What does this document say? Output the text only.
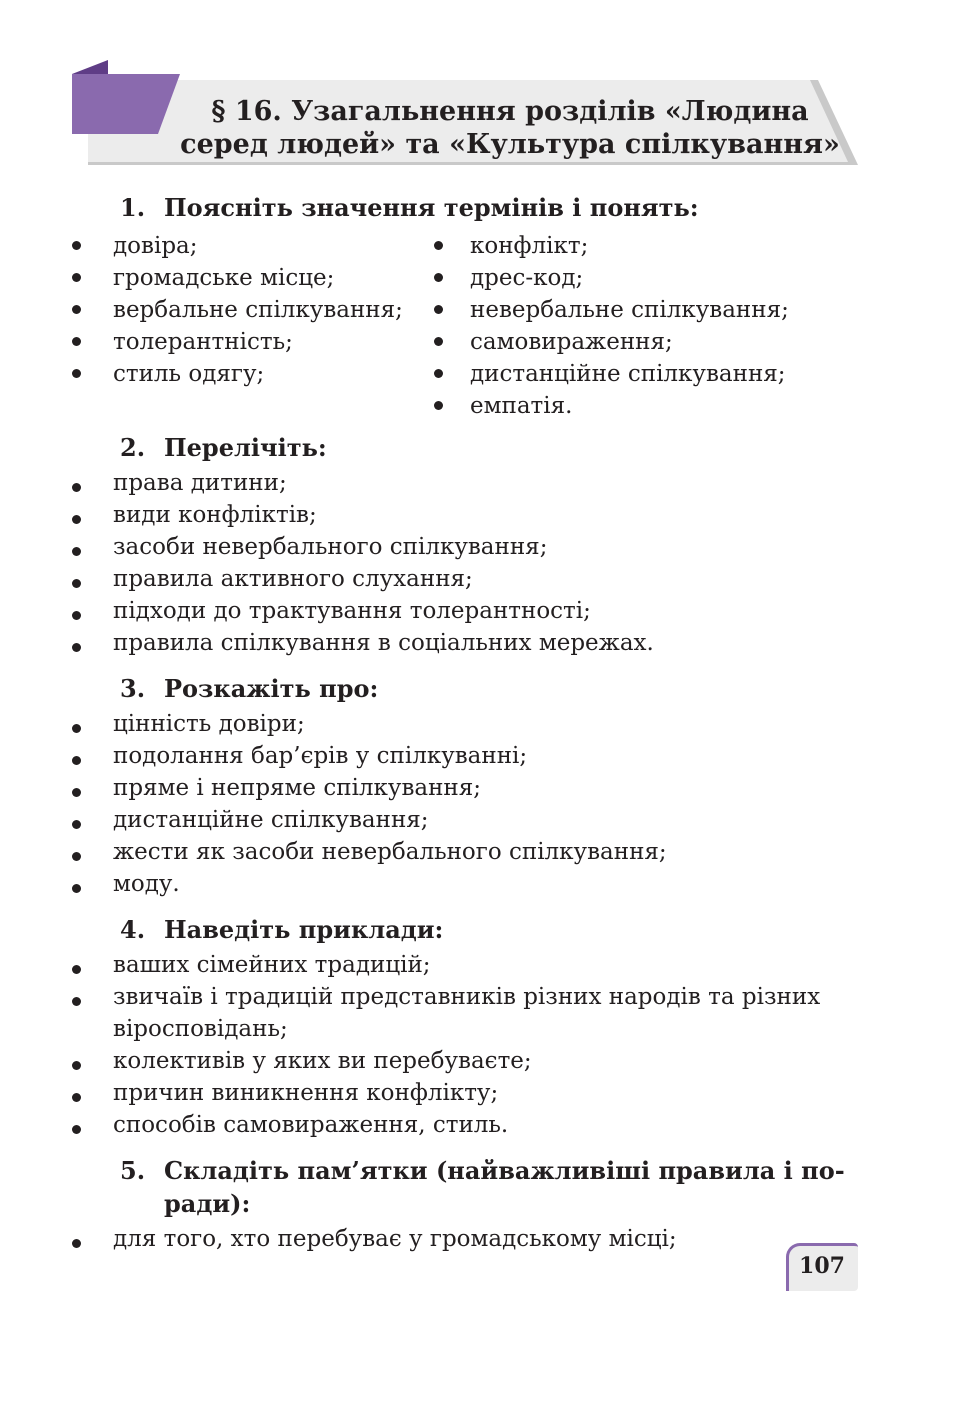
§ 16. Узагальнення розділів «Людина
серед людей» та «Культура спілкування»
1. Поясніть значення термінів і понять:
довіра;
громадське місце;
вербальне спілкування;
толерантність;
стиль одягу;
конфлікт;
дрес-код;
невербальне спілкування;
самовираження;
дистанційне спілкування;
емпатія.
2. Перелічіть:
права дитини;
види конфліктів;
засоби невербального спілкування;
правила активного слухання;
підходи до трактування толерантності;
правила спілкування в соціальних мережах.
3. Розкажіть про:
цінність довіри;
подолання бар’єрів у спілкуванні;
пряме і непряме спілкування;
дистанційне спілкування;
жести як засоби невербального спілкування;
моду.
4. Наведіть приклади:
ваших сімейних традицій;
звичаїв і традицій представників різних народів та різних
віросповідань;
колективів у яких ви перебуваєте;
причин виникнення конфлікту;
способів самовираження, стиль.
5. Складіть пам’ятки (найважливіші правила і по-
ради):
для того, хто перебуває у громадському місці;
107
